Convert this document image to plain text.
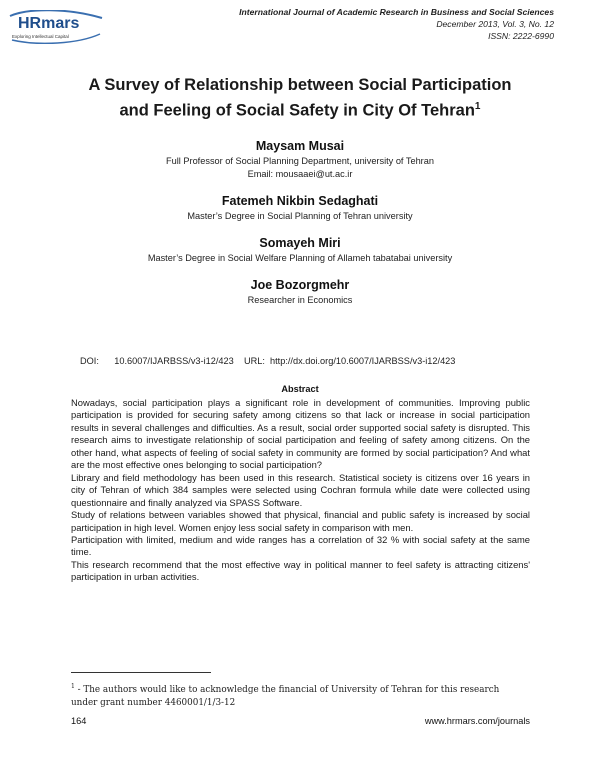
HRmars
Exploring Intellectual Capital
International Journal of Academic Research in Business and Social Sciences
December 2013, Vol. 3, No. 12
ISSN: 2222-6990
A Survey of Relationship between Social Participation
and Feeling of Social Safety in City Of Tehran$^1$
Maysam Musai
Full Professor of Social Planning Department, university of Tehran
Email: mousaaei@ut.ac.ir
Fatemeh Nikbin Sedaghati
Master’s Degree in Social Planning of Tehran university
Somayeh Miri
Master’s Degree in Social Welfare Planning of Allameh tabatabai university
Joe Bozorgmehr
Researcher in Economics
DOI: 10.6007/IJARBSS/v3-i12/423 URL: http://dx.doi.org/10.6007/IJARBSS/v3-i12/423
Abstract

Nowadays, social participation plays a significant role in development of communities. Improving public participation is provided for securing safety among citizens so that lack or increase in social participation results in several challenges and difficulties. As a result, social order supported social safety is disrupted. This research aims to investigate relationship of social participation and feeling of safety among citizens. On the other hand, what aspects of feeling of social safety in community are formed by social participation? And what are the most effective ones belonging to social participation?

Library and field methodology has been used in this research. Statistical society is citizens over 16 years in city of Tehran of which 384 samples were selected using Cochran formula while date were collected using questionnaire and finally analyzed via SPASS Software.

Study of relations between variables showed that physical, financial and public safety is increased by social participation in high level. Women enjoy less social safety in comparison with men.

Participation with limited, medium and wide ranges has a correlation of 32 % with social safety at the same time.

This research recommend that the most effective way in political manner to feel safety is attracting citizens' participation in urban activities.

$^1$ - The authors would like to acknowledge the financial of University of Tehran for this research under grant number 4460001/1/3-12
164	www.hrmars.com/journals
